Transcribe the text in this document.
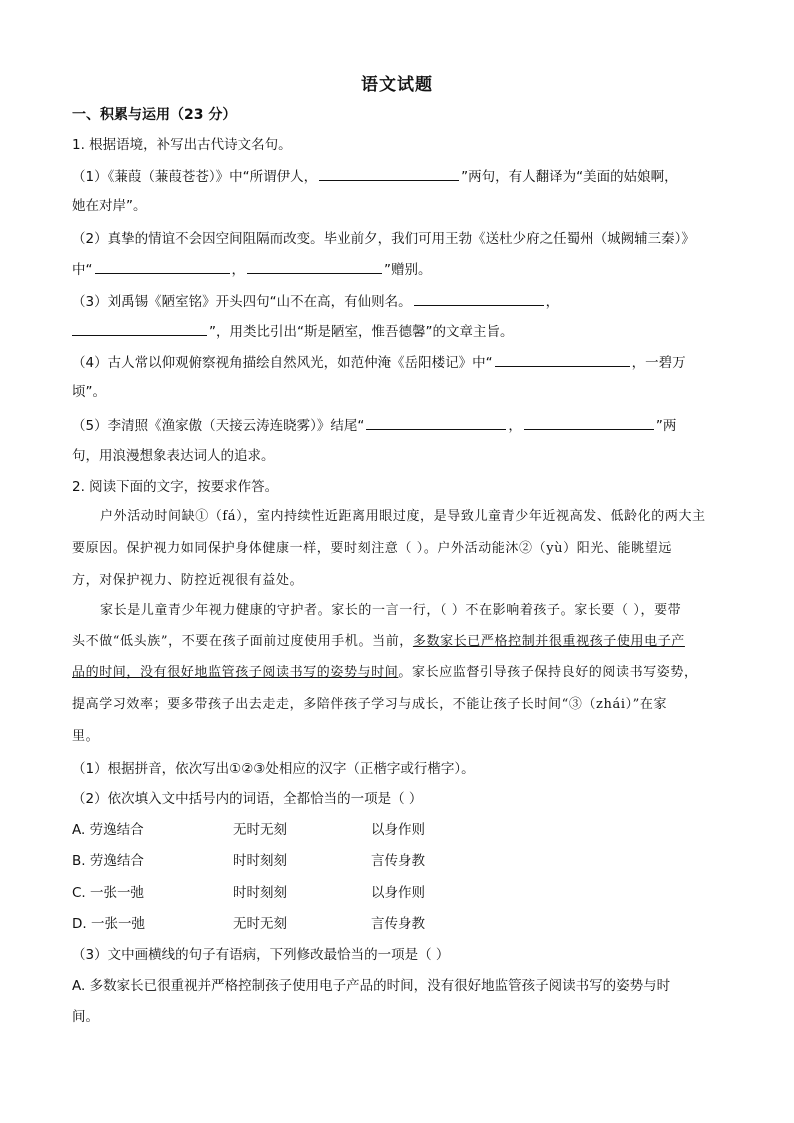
语文试题
一、积累与运用（23 分）
1. 根据语境，补写出古代诗文名句。
（1）《蒹葭（蒹葭苍苍）》中“所谓伊人，	”两句，有人翻译为“美面的姑娘啊，
她在对岸”。
（2）真挚的情谊不会因空间阻隔而改变。毕业前夕，我们可用王勃《送杜少府之任蜀州（城阙辅三秦）》
中“	，	”赠别。
（3）刘禹锡《陋室铭》开头四句“山不在高，有仙则名。	，
”，用类比引出“斯是陋室，惟吾德馨”的文章主旨。
（4）古人常以仰观俯察视角描绘自然风光，如范仲淹《岳阳楼记》中“	，一碧万
顷”。
（5）李清照《渔家傲（天接云涛连晓雾）》结尾“	，	”两
句，用浪漫想象表达词人的追求。
2. 阅读下面的文字，按要求作答。
户外活动时间缺①（fá），室内持续性近距离用眼过度，是导致儿童青少年近视高发、低龄化的两大主
要原因。保护视力如同保护身体健康一样，要时刻注意（ ）。户外活动能沐②（yù）阳光、能眺望远
方，对保护视力、防控近视很有益处。
家长是儿童青少年视力健康的守护者。家长的一言一行，（ ）不在影响着孩子。家长要（ ），要带
头不做“低头族”，不要在孩子面前过度使用手机。当前，多数家长已严格控制并很重视孩子使用电子产
品的时间，没有很好地监管孩子阅读书写的姿势与时间。家长应监督引导孩子保持良好的阅读书写姿势，
提高学习效率；要多带孩子出去走走，多陪伴孩子学习与成长，不能让孩子长时间“③（zhái）”在家
里。
（1）根据拼音，依次写出①②③处相应的汉字（正楷字或行楷字）。
（2）依次填入文中括号内的词语，全都恰当的一项是（ ）
A. 劳逸结合	无时无刻	以身作则
B. 劳逸结合	时时刻刻	言传身教
C. 一张一弛	时时刻刻	以身作则
D. 一张一弛	无时无刻	言传身教
（3）文中画横线的句子有语病，下列修改最恰当的一项是（ ）
A. 多数家长已很重视并严格控制孩子使用电子产品的时间，没有很好地监管孩子阅读书写的姿势与时
间。
